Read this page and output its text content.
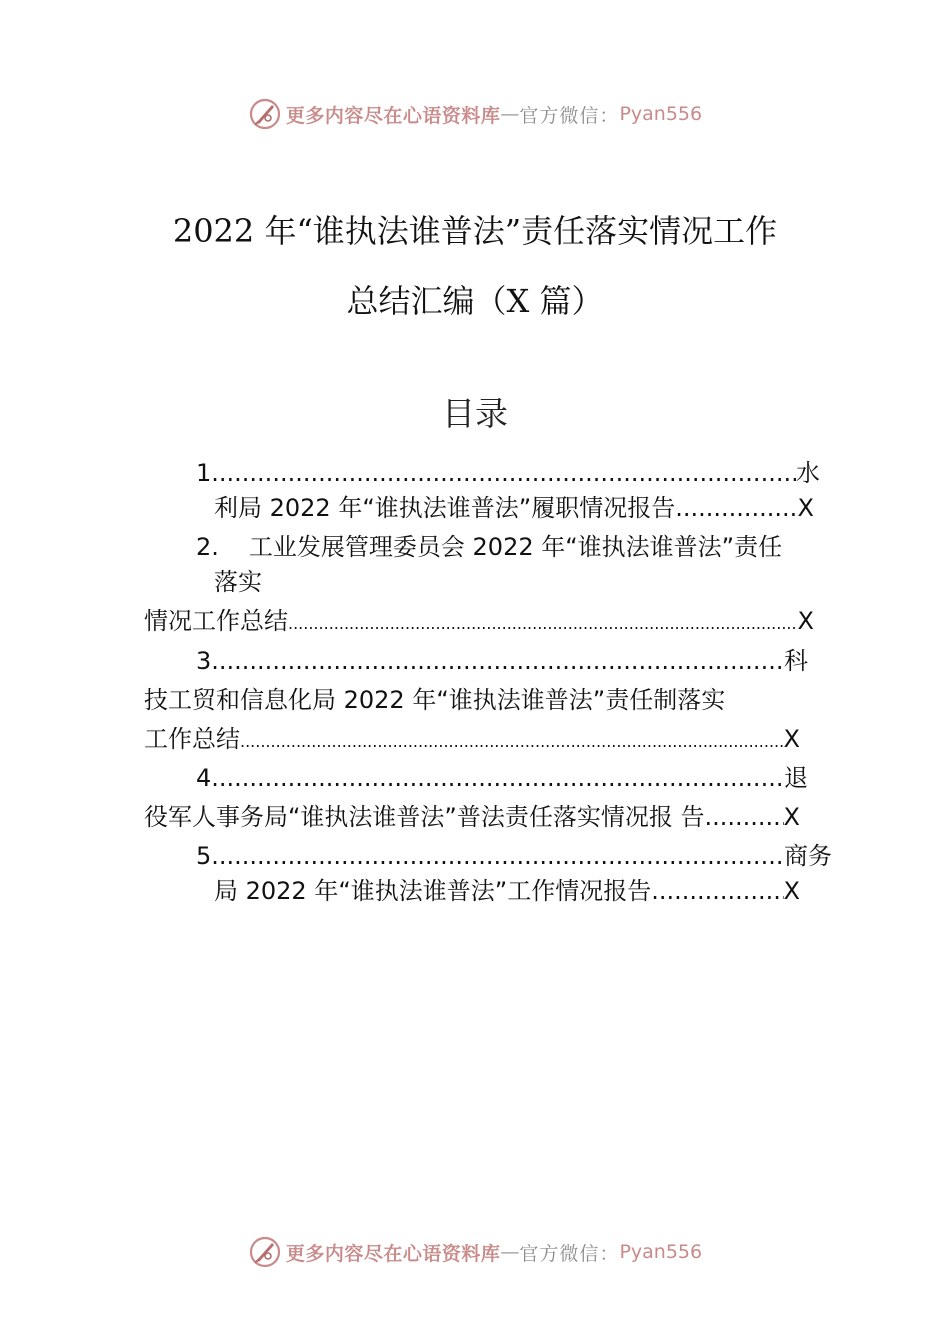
更多内容尽在心语资料库 — 官方微信： Pyan556
2022 年“谁执法谁普法”责任落实情况工作
总结汇编（X 篇）
目录
1 .....	水
利局 2022 年“谁执法谁普法”履职情况报告 .....	X
2. 工业发展管理委员会 2022 年“谁执法谁普法”责任
落实
情况工作总结 .....	X
3 .....	科
技工贸和信息化局 2022 年“谁执法谁普法”责任制落实
工作总结 .....	X
4 .....	退
役军人事务局“谁执法谁普法”普法责任落实情况报 告 .....	X
5 .....	商务
局 2022 年“谁执法谁普法”工作情况报告 .....	X
更多内容尽在心语资料库 — 官方微信： Pyan556
